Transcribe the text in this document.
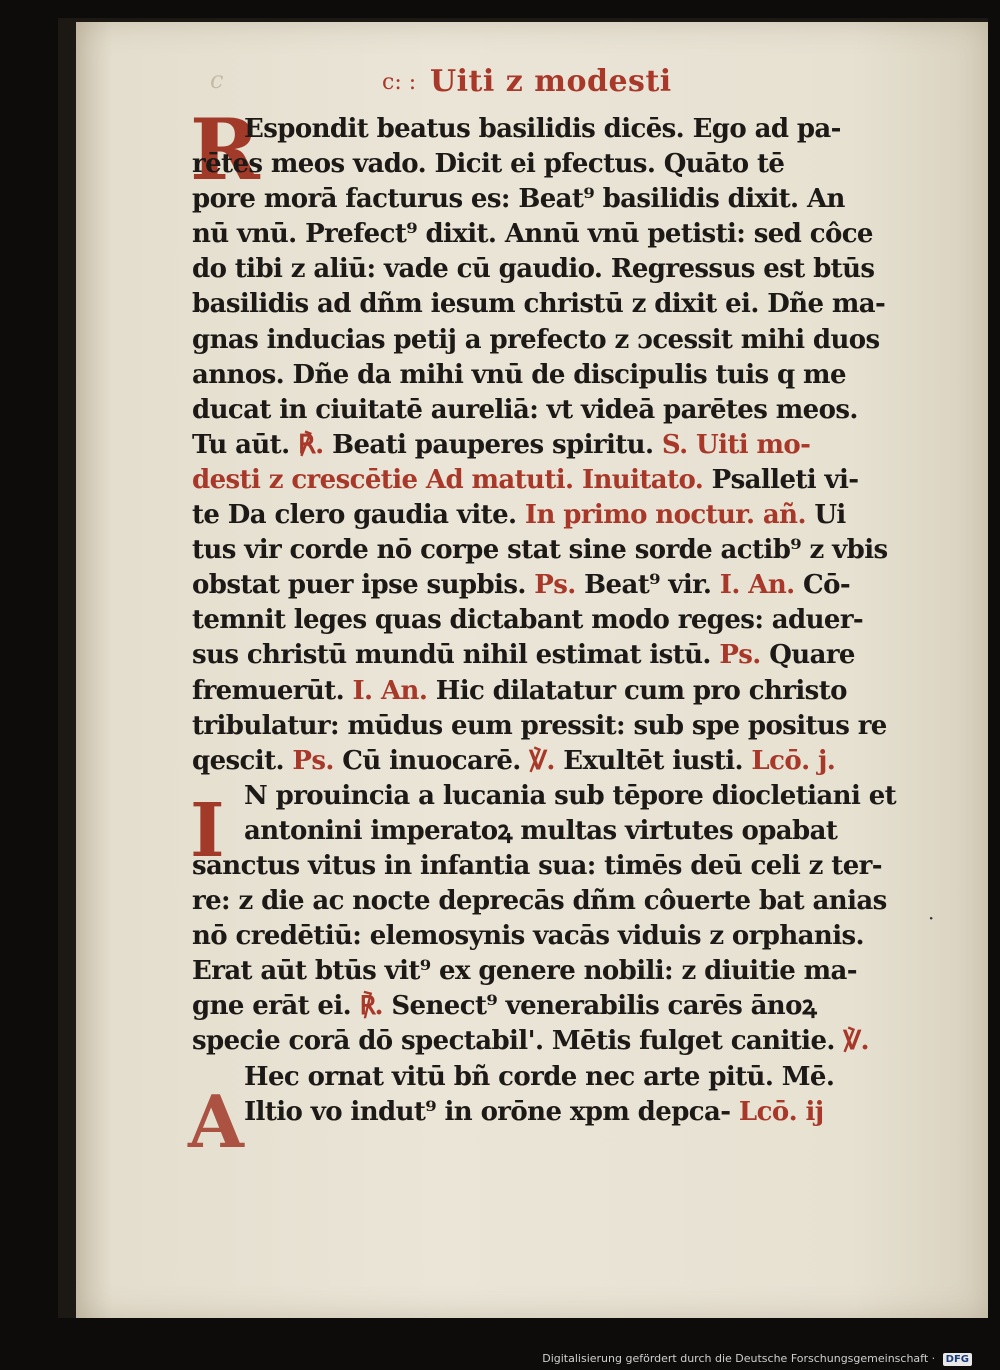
c	c: : Uiti z modesti
R
I
A
Espondit beatus basilidis dicēs. Ego ad pa-
rētes meos vado. Dicit ei pfectus. Quāto tē
pore morā facturus es: Beat⁹ basilidis dixit. An
nū vnū. Prefect⁹ dixit. Annū vnū petisti: sed côce
do tibi z aliū: vade cū gaudio. Regressus est btūs
basilidis ad dñm iesum christū z dixit ei. Dñe ma-
gnas inducias petij a prefecto z ɔcessit mihi duos
annos. Dñe da mihi vnū de discipulis tuis q me
ducat in ciuitatē aureliā: vt videā parētes meos.
Tu aūt. ℟. Beati pauperes spiritu. S. Uiti mo-
desti z crescētie Ad matuti. Inuitato. Psalleti vi-
te Da clero gaudia vite. In primo noctur. añ. Ui
tus vir corde nō corpe stat sine sorde actib⁹ z vbis
obstat puer ipse supbis. Ps. Beat⁹ vir. I. An. Cō-
temnit leges quas dictabant modo reges: aduer-
sus christū mundū nihil estimat istū. Ps. Quare
fremuerūt. I. An. Hic dilatatur cum pro christo
tribulatur: mūdus eum pressit: sub spe positus re
qescit. Ps. Cū inuocarē. ℣. Exultēt iusti. Lcō. j.
N prouincia a lucania sub tēpore diocletiani et
antonini imperatoꝝ multas virtutes opabat
sanctus vitus in infantia sua: timēs deū celi z ter-
re: z die ac nocte deprecās dñm côuerte bat anias
nō credētiū: elemosynis vacās viduis z orphanis.
Erat aūt btūs vit⁹ ex genere nobili: z diuitie ma-
gne erāt ei. ℟. Senect⁹ venerabilis carēs ānoꝝ
specie corā dō spectabil'. Mētis fulget canitie. ℣.
Hec ornat vitū bñ corde nec arte pitū. Mē.
Iltio vo indut⁹ in orōne xpm depca- Lcō. ij
·
Digitalisierung gefördert durch die Deutsche Forschungsgemeinschaft · DFG
